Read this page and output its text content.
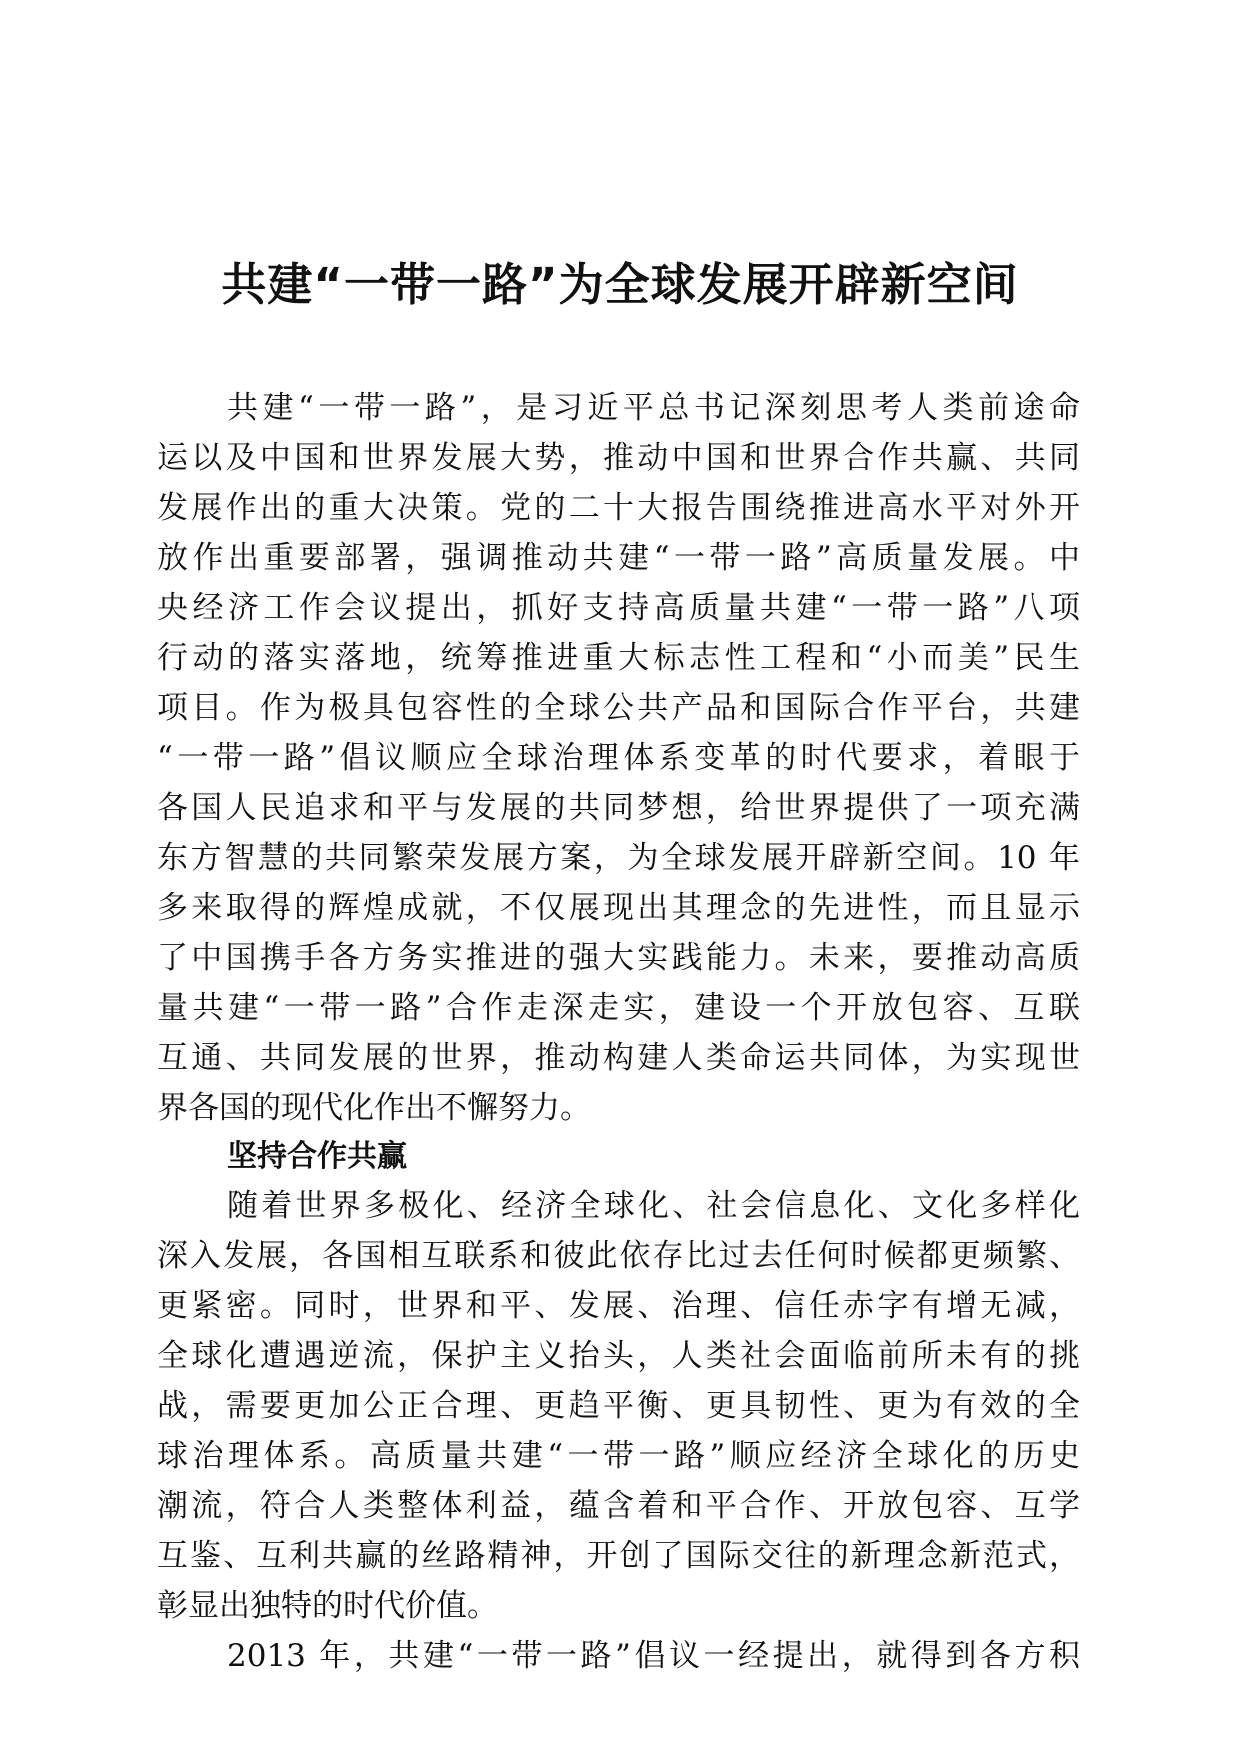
共建“一带一路”为全球发展开辟新空间
共建“一带一路”，是习近平总书记深刻思考人类前途命
运以及中国和世界发展大势，推动中国和世界合作共赢、共同
发展作出的重大决策。党的二十大报告围绕推进高水平对外开
放作出重要部署，强调推动共建“一带一路”高质量发展。中
央经济工作会议提出，抓好支持高质量共建“一带一路”八项
行动的落实落地，统筹推进重大标志性工程和“小而美”民生
项目。作为极具包容性的全球公共产品和国际合作平台，共建
“一带一路”倡议顺应全球治理体系变革的时代要求，着眼于
各国人民追求和平与发展的共同梦想，给世界提供了一项充满
东方智慧的共同繁荣发展方案，为全球发展开辟新空间。10 年
多来取得的辉煌成就，不仅展现出其理念的先进性，而且显示
了中国携手各方务实推进的强大实践能力。未来，要推动高质
量共建“一带一路”合作走深走实，建设一个开放包容、互联
互通、共同发展的世界，推动构建人类命运共同体，为实现世
界各国的现代化作出不懈努力。
坚持合作共赢
随着世界多极化、经济全球化、社会信息化、文化多样化
深入发展，各国相互联系和彼此依存比过去任何时候都更频繁、
更紧密。同时，世界和平、发展、治理、信任赤字有增无减，
全球化遭遇逆流，保护主义抬头，人类社会面临前所未有的挑
战，需要更加公正合理、更趋平衡、更具韧性、更为有效的全
球治理体系。高质量共建“一带一路”顺应经济全球化的历史
潮流，符合人类整体利益，蕴含着和平合作、开放包容、互学
互鉴、互利共赢的丝路精神，开创了国际交往的新理念新范式，
彰显出独特的时代价值。
2013 年，共建“一带一路”倡议一经提出，就得到各方积
